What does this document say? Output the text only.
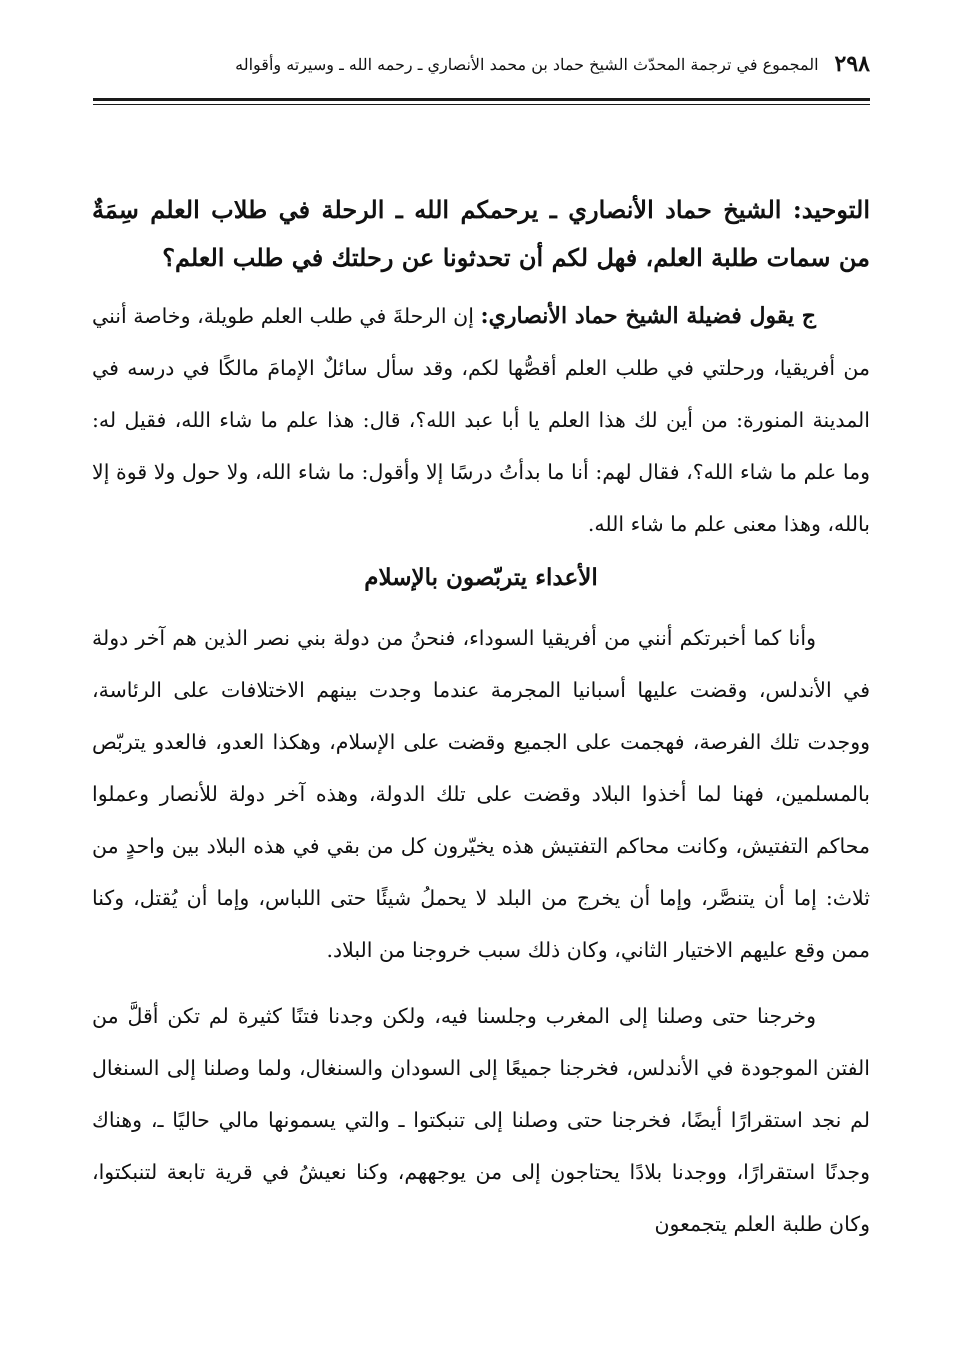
٢٩٨
المجموع في ترجمة المحدّث الشيخ حماد بن محمد الأنصاري ـ رحمه الله ـ وسيرته وأقواله

التوحيد: الشيخ حماد الأنصاري ـ يرحمكم الله ـ الرحلة في طلاب العلم سِمَةٌ من سمات طلبة العلم، فهل لكم أن تحدثونا عن رحلتك في طلب العلم؟

ج يقول فضيلة الشيخ حماد الأنصاري: إن الرحلةَ في طلب العلم طويلة، وخاصة أنني من أفريقيا، ورحلتي في طلب العلم أقصُّها لكم، وقد سأل سائلٌ الإمامَ مالكًا في درسه في المدينة المنورة: من أين لك هذا العلم يا أبا عبد الله؟، قال: هذا علم ما شاء الله، فقيل له: وما علم ما شاء الله؟، فقال لهم: أنا ما بدأتُ درسًا إلا وأقول: ما شاء الله، ولا حول ولا قوة إلا بالله، وهذا معنى علم ما شاء الله.

الأعداء يتربّصون بالإسلام

وأنا كما أخبرتكم أنني من أفريقيا السوداء، فنحنُ من دولة بني نصر الذين هم آخر دولة في الأندلس، وقضت عليها أسبانيا المجرمة عندما وجدت بينهم الاختلافات على الرئاسة، ووجدت تلك الفرصة، فهجمت على الجميع وقضت على الإسلام، وهكذا العدو، فالعدو يتربّص بالمسلمين، فهنا لما أخذوا البلاد وقضت على تلك الدولة، وهذه آخر دولة للأنصار وعملوا محاكم التفتيش، وكانت محاكم التفتيش هذه يخيّرون كل من بقي في هذه البلاد بين واحدٍ من ثلاث: إما أن يتنصَّر، وإما أن يخرج من البلد لا يحملُ شيئًا حتى اللباس، وإما أن يُقتل، وكنا ممن وقع عليهم الاختيار الثاني، وكان ذلك سبب خروجنا من البلاد.

وخرجنا حتى وصلنا إلى المغرب وجلسنا فيه، ولكن وجدنا فتنًا كثيرة لم تكن أقلَّ من الفتن الموجودة في الأندلس، فخرجنا جميعًا إلى السودان والسنغال، ولما وصلنا إلى السنغال لم نجد استقرارًا أيضًا، فخرجنا حتى وصلنا إلى تنبكتوا ـ والتي يسمونها مالي حاليًا ـ، وهناك وجدنًا استقرارًا، ووجدنا بلادًا يحتاجون إلى من يوجههم، وكنا نعيشُ في قرية تابعة لتنبكتوا، وكان طلبة العلم يتجمعون
